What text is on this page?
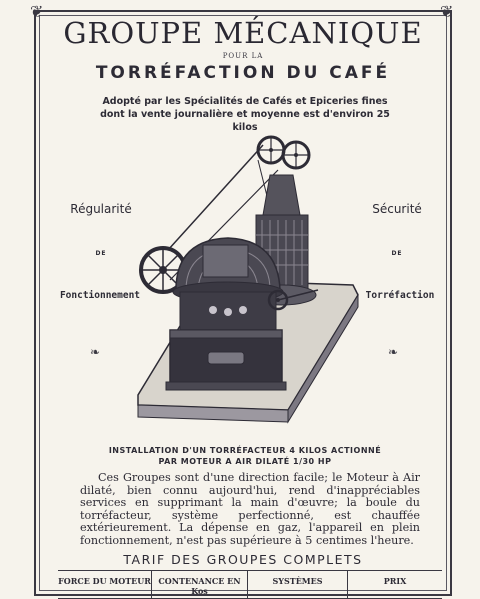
❦	❦
GROUPE MÉCANIQUE
POUR LA
TORRÉFACTION DU CAFÉ
Adopté par les Spécialités de Cafés et Epiceries fines
dont la vente journalière et moyenne est d'environ 25 kilos
Régularité
DE
Fonctionnement
❧
Sécurité
DE
Torréfaction
❧
INSTALLATION D'UN TORRÉFACTEUR 4 KILOS ACTIONNÉ
PAR MOTEUR A AIR DILATÉ 1/30 HP
Ces Groupes sont d'une direction facile; le Moteur à Air dilaté, bien connu aujourd'hui, rend d'inappréciables services en supprimant la main d'œuvre; la boule du torréfacteur, système perfectionné, est chauffée extérieurement. La dépense en gaz, l'appareil en plein fonctionnement, n'est pas supérieure à 5 centimes l'heure.
TARIF DES GROUPES COMPLETS
FORCE DU MOTEUR CONTENANCE EN Kos
SYSTÈMES	PRIX
